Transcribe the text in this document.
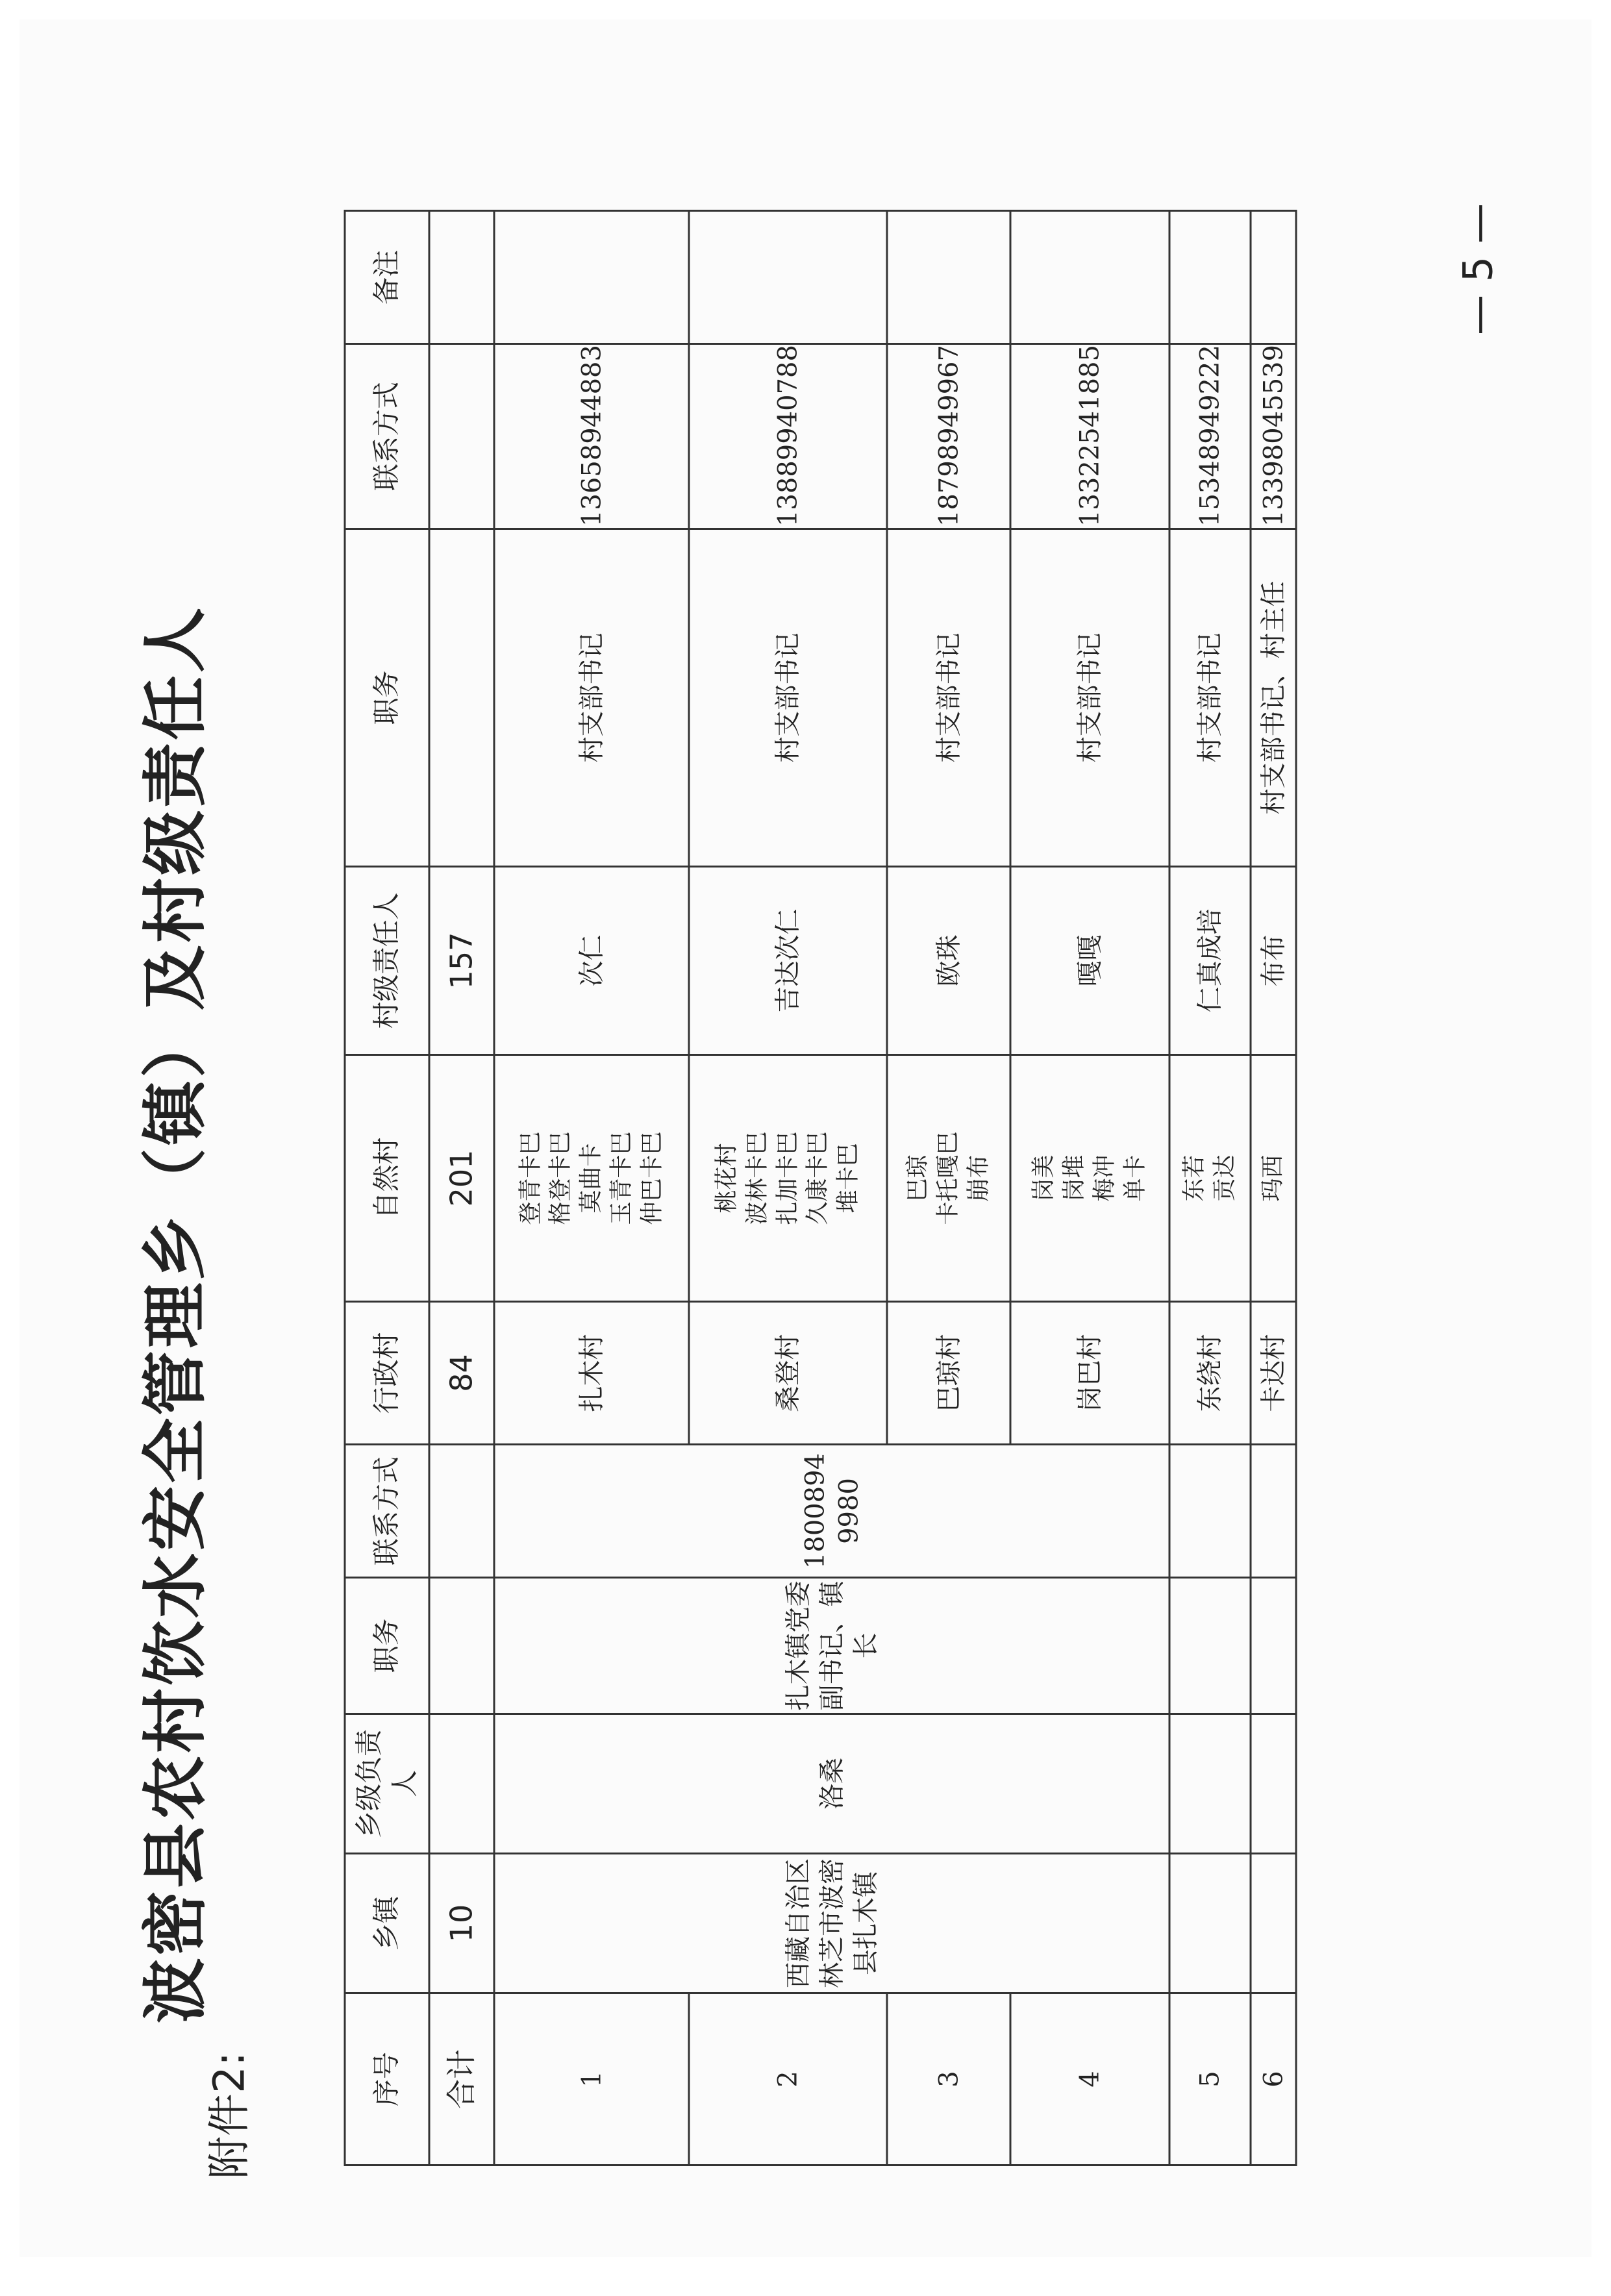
附件2:
波密县农村饮水安全管理乡（镇）及村级责任人
序号	乡镇	乡级负责人	职务	联系方式	行政村	自然村	村级责任人	职务	联系方式	备注
合计	10				84	201	157			
1	西藏自治区林芝市波密县扎木镇	洛桑	扎木镇党委副书记、镇长	18008949980	扎木村	登青卡巴 格登卡巴 莫曲卡 玉青卡巴 仲巴卡巴	次仁	村支部书记	13658944883	
2					桑登村	桃花村 波林卡巴 扎加卡巴 久康卡巴 堆卡巴	吉达次仁	村支部书记	13889940788	
3					巴琼村	巴琼 卡托嘎巴 崩布	欧珠	村支部书记	18798949967	
4					岗巴村	岗美 岗堆 梅冲 单卡	嘎嘎	村支部书记	13322541885	
5					东绕村	东若 贡达	仁真成培	村支部书记	15348949222	
6					卡达村	玛西	布布	村支部书记、村主任	13398045539	
— 5 —
